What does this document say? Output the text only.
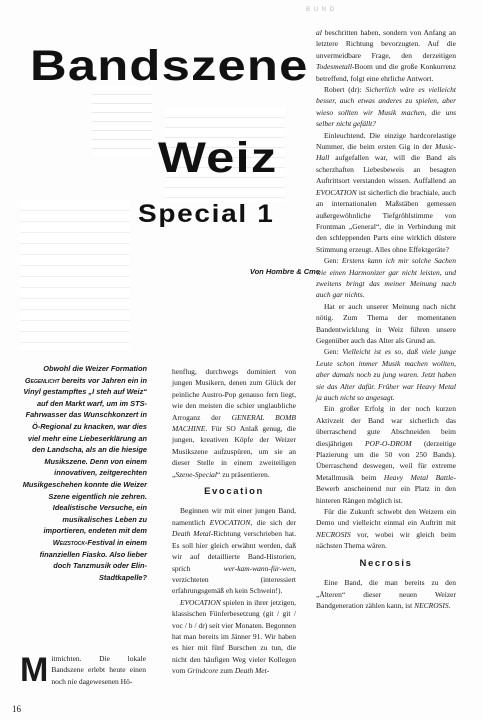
B U N D
Bandszene
Weiz
Special 1
Von Hombre & Cme
Obwohl die Weizer Formation Gegenlicht bereits vor Jahren ein in Vinyl gestampftes „I steh auf Weiz“ auf den Markt warf, um im STS-Fahrwasser das Wunschkonzert in Ö-Regional zu knacken, war dies viel mehr eine Liebeserklärung an den Landscha, als an die hiesige Musikszene. Denn von einem innovativen, zeitgerechten Musikgeschehen konnte die Weizer Szene eigentlich nie zehren. Idealistische Versuche, ein musikalisches Leben zu importieren, endeten mit dem Weizstock-Festival in einem finanziellen Fiasko. Also lieber doch Tanzmusik oder Elin-Stadtkapelle?
Mitmichten. Die lokale Bandszene erlebt heute einen noch nie dagewesenen Hö-

henflug, durchwegs dominiert von jungen Musikern, denen zum Glück der peinliche Austro-Pop genauso fern liegt, wie den meisten die schier unglaubliche Arroganz der GENERAL BOMB MACHINE. Für SO Anlaß genug, die jungen, kreativen Köpfe der Weizer Musikszene aufzuspüren, um sie an dieser Stelle in einem zweiteiligen „Szene-Special“ zu präsentieren.

Evocation

Beginnen wir mit einer jungen Band, namentlich EVOCATION, die sich der Death Metal-Richtung verschrieben hat. Es soll hier gleich erwähnt werden, daß wir auf detaillierte Band-Historien, sprich wer-kam-wann-für-wen, verzichteten (interessiert erfahrungsgemäß eh kein Schwein!).

EVOCATION spielen in ihrer jetzigen, klassischen Fünferbesetzung (git / git / voc / b / dr) seit vier Monaten. Begonnen hat man bereits im Jänner 91. Wir haben es hier mit fünf Burschen zu tun, die nicht den häufigen Weg vieler Kollegen vom Grindcore zum Death Met-

al beschritten haben, sondern von Anfang an letztere Richtung bevorzugten. Auf die unvermeidbare Frage, den derzeitigen Todesmetall-Boom und die große Konkurrenz betreffend, folgt eine ehrliche Antwort.

Robert (dr): Sicherlich wäre es vielleicht besser, auch etwas anderes zu spielen, aber wieso sollten wir Musik machen, die uns selber nicht gefällt?

Einleuchtend. Die einzige hardcorelastige Nummer, die beim ersten Gig in der Music-Hall aufgefallen war, will die Band als scherzhaften Liebesbeweis an besagten Auftrittsort verstanden wissen. Auffallend an EVOCATION ist sicherlich die brachiale, auch an internationalen Maßstäben gemessen außergewöhnliche Tiefgröhlstimme von Frontman „General“, die in Verbindung mit den schleppenden Parts eine wirklich düstere Stimmung erzeugt. Alles ohne Effektgeräte?

Gen: Erstens kann ich mir solche Sachen wie einen Harmonizer gar nicht leisten, und zweitens bringt das meiner Meinung nach auch gar nichts.

Hat er auch unserer Meinung nach nicht nötig. Zum Thema der momentanen Bandentwicklung in Weiz führen unsere Gegenüber auch das Alter als Grund an.

Gen: Vielleicht ist es so, daß viele junge Leute schon immer Musik machen wollten, aber damals noch zu jung waren. Jetzt haben sie das Alter dafür. Früher war Heavy Metal ja auch nicht so angesagt.

Ein großer Erfolg in der noch kurzen Aktivzeit der Band war sicherlich das überraschend gute Abschneiden beim diesjährigen POP-O-DROM (derzeitige Plazierung um die 50 von 250 Bands). Überraschend deswegen, weil für extreme Metallmusik beim Heavy Metal Battle-Bewerb anscheinend nur ein Platz in den hinteren Rängen möglich ist.

Für die Zukunft schwebt den Weizern ein Demo und vielleicht einmal ein Auftritt mit NECROSIS vor, wobei wir gleich beim nächsten Thema wären.

Necrosis

Eine Band, die man bereits zu den „Älteren“ dieser neuen Weizer Bandgeneration zählen kann, ist NECROSIS.

16
